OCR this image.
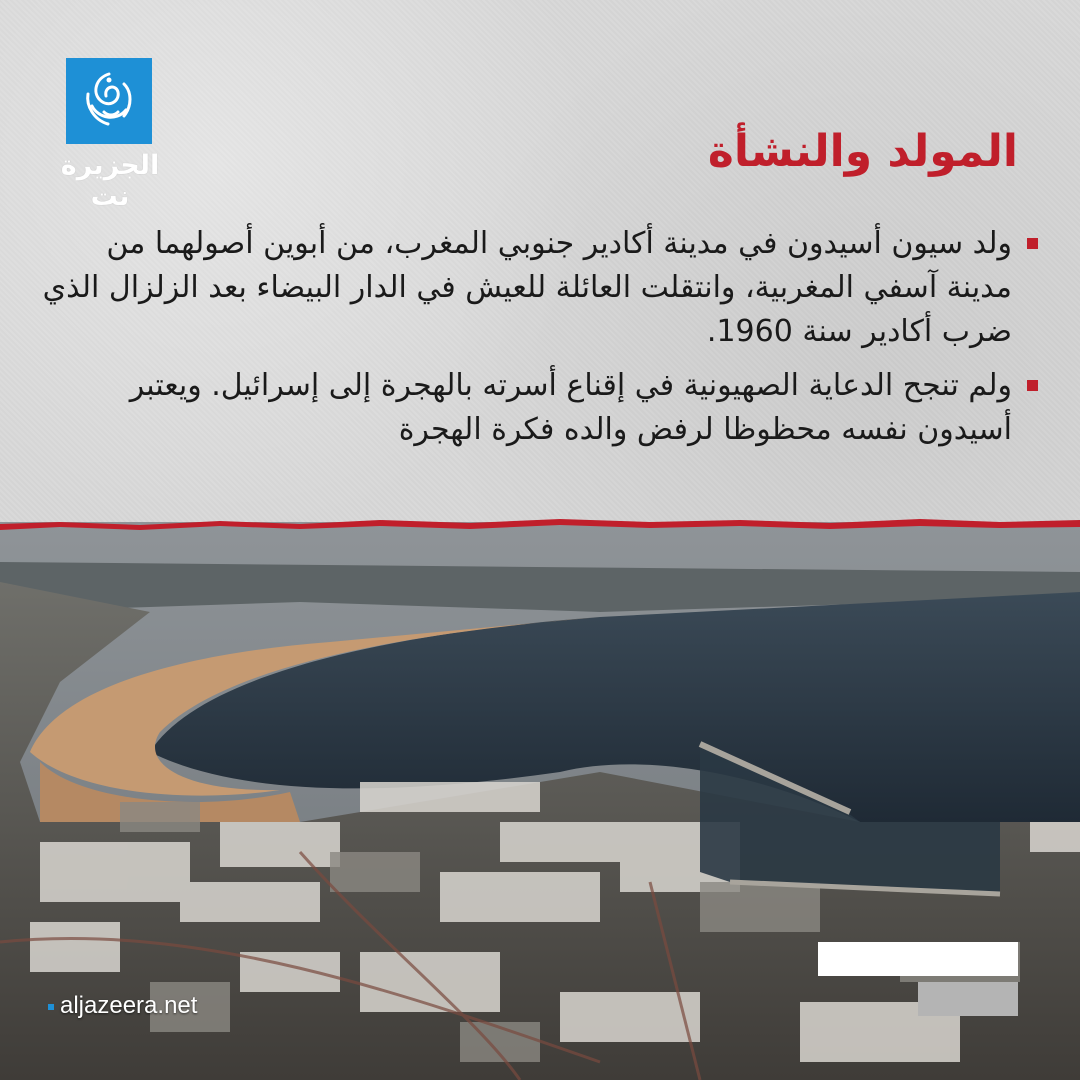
الجزيرة نت
المولد والنشأة
ولد سيون أسيدون في مدينة أكادير جنوبي المغرب، من أبوين أصولهما من مدينة آسفي المغربية، وانتقلت العائلة للعيش في الدار البيضاء بعد الزلزال الذي ضرب أكادير سنة 1960.
ولم تنجح الدعاية الصهيونية في إقناع أسرته بالهجرة إلى إسرائيل. ويعتبر أسيدون نفسه محظوظا لرفض والده فكرة الهجرة
aljazeera.net
